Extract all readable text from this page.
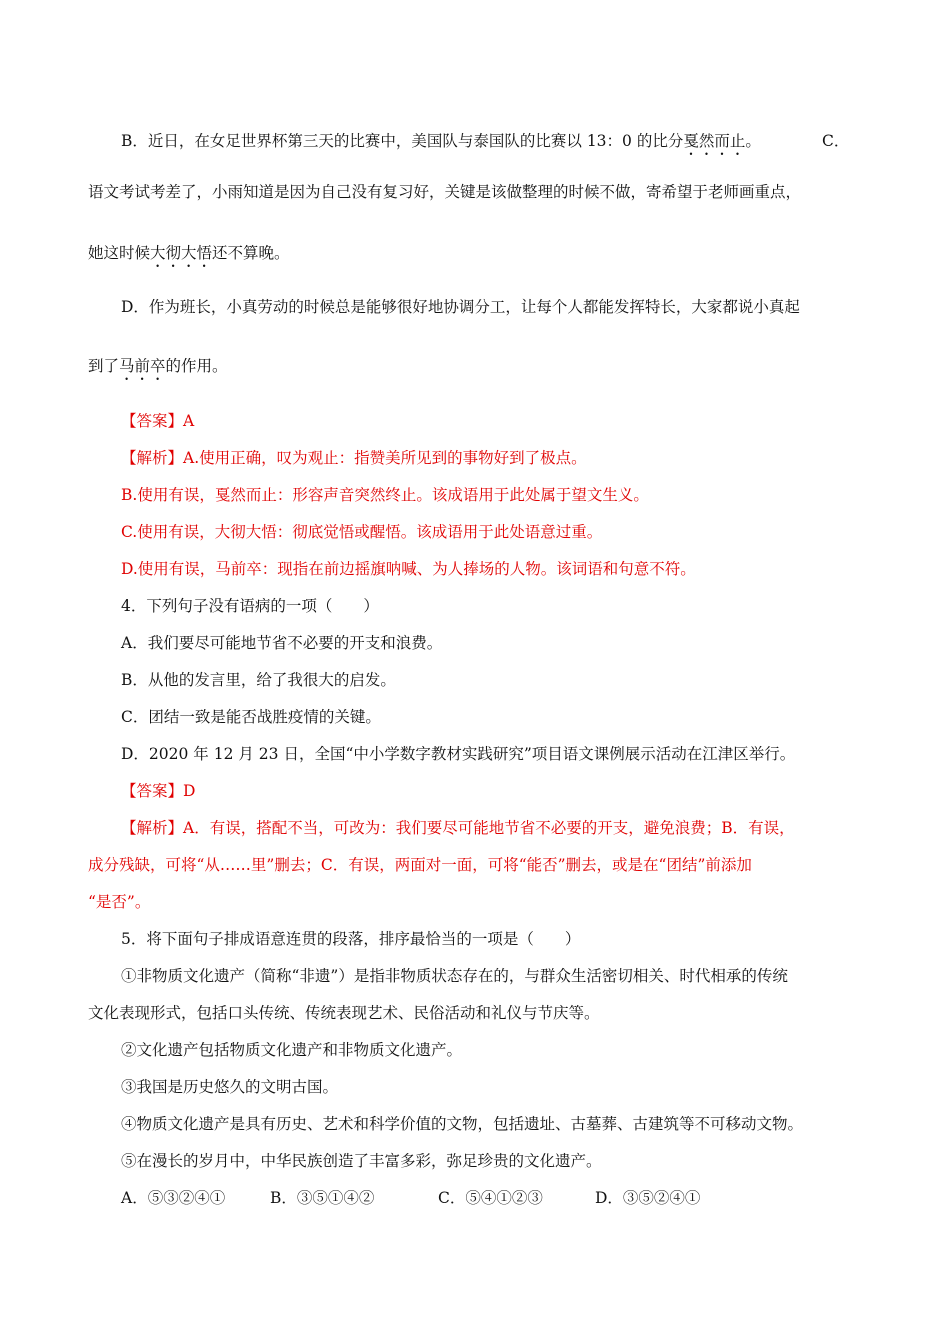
B．近日，在女足世界杯第三天的比赛中，美国队与泰国队的比赛以 13：0 的比分戛然而止。	C．
语文考试考差了，小雨知道是因为自己没有复习好，关键是该做整理的时候不做，寄希望于老师画重点，
她这时候大彻大悟还不算晚。
D．作为班长，小真劳动的时候总是能够很好地协调分工，让每个人都能发挥特长，大家都说小真起
到了马前卒的作用。
【答案】A
【解析】A.使用正确，叹为观止：指赞美所见到的事物好到了极点。
B.使用有误，戛然而止：形容声音突然终止。该成语用于此处属于望文生义。
C.使用有误，大彻大悟：彻底觉悟或醒悟。该成语用于此处语意过重。
D.使用有误，马前卒：现指在前边摇旗呐喊、为人捧场的人物。该词语和句意不符。
4．下列句子没有语病的一项（　　）
A．我们要尽可能地节省不必要的开支和浪费。
B．从他的发言里，给了我很大的启发。
C．团结一致是能否战胜疫情的关键。
D．2020 年 12 月 23 日，全国“中小学数字教材实践研究”项目语文课例展示活动在江津区举行。
【答案】D
【解析】A．有误，搭配不当，可改为：我们要尽可能地节省不必要的开支，避免浪费；B．有误，
成分残缺，可将“从……里”删去；C．有误，两面对一面，可将“能否”删去，或是在“团结”前添加
“是否”。
5．将下面句子排成语意连贯的段落，排序最恰当的一项是（　　）
①非物质文化遗产（简称“非遗”）是指非物质状态存在的，与群众生活密切相关、时代相承的传统
文化表现形式，包括口头传统、传统表现艺术、民俗活动和礼仪与节庆等。
②文化遗产包括物质文化遗产和非物质文化遗产。
③我国是历史悠久的文明古国。
④物质文化遗产是具有历史、艺术和科学价值的文物，包括遗址、古墓葬、古建筑等不可移动文物。
⑤在漫长的岁月中，中华民族创造了丰富多彩，弥足珍贵的文化遗产。
A．⑤③②④①	B．③⑤①④②	C．⑤④①②③	D．③⑤②④①
